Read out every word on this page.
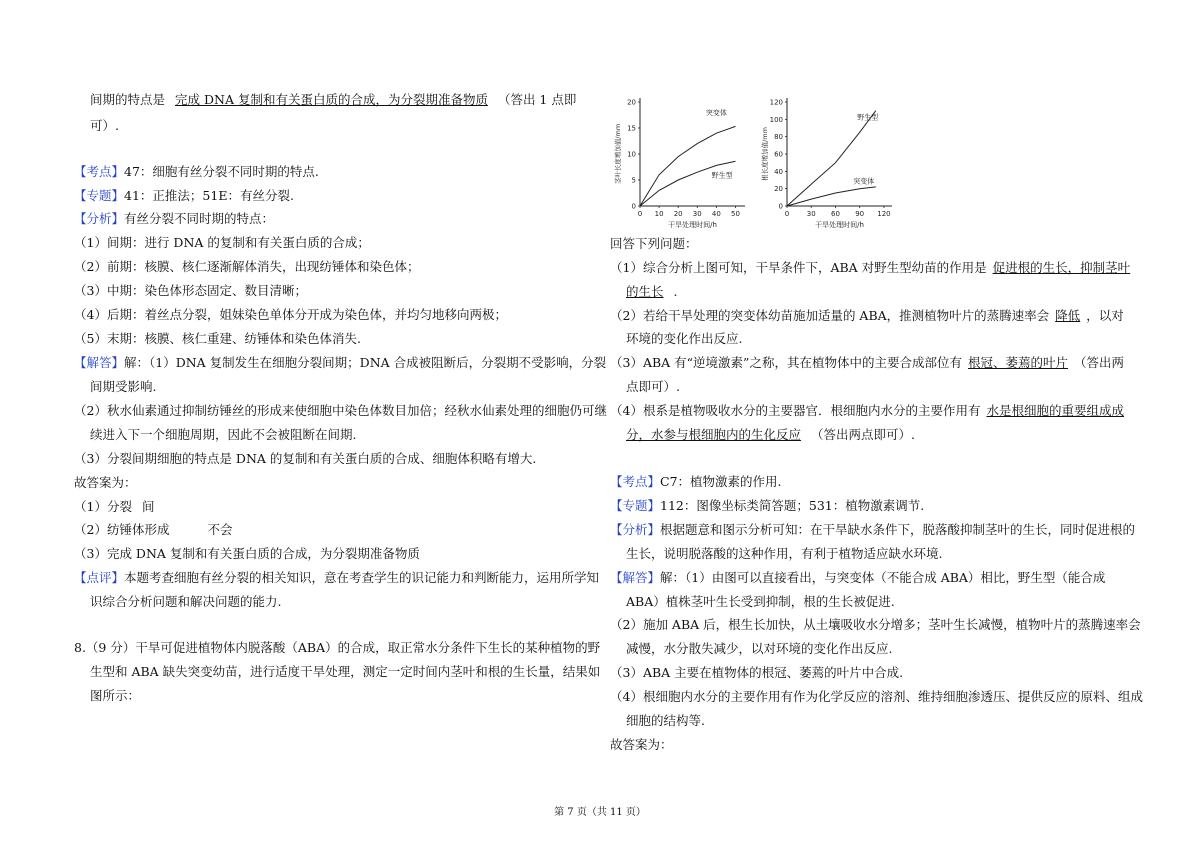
间期的特点是 完成 DNA 复制和有关蛋白质的合成，为分裂期准备物质 （答出 1 点即
可）.
【考点】47：细胞有丝分裂不同时期的特点.
【专题】41：正推法；51E：有丝分裂.
【分析】有丝分裂不同时期的特点：
（1）间期：进行 DNA 的复制和有关蛋白质的合成；
（2）前期：核膜、核仁逐渐解体消失，出现纺锤体和染色体；
（3）中期：染色体形态固定、数目清晰；
（4）后期：着丝点分裂，姐妹染色单体分开成为染色体，并均匀地移向两极；
（5）末期：核膜、核仁重建、纺锤体和染色体消失.
【解答】解：（1）DNA 复制发生在细胞分裂间期；DNA 合成被阻断后，分裂期不受影响，分裂
间期受影响.
（2）秋水仙素通过抑制纺锤丝的形成来使细胞中染色体数目加倍；经秋水仙素处理的细胞仍可继
续进入下一个细胞周期，因此不会被阻断在间期.
（3）分裂间期细胞的特点是 DNA 的复制和有关蛋白质的合成、细胞体积略有增大.
故答案为：
（1）分裂 间
（2）纺锤体形成	不会
（3）完成 DNA 复制和有关蛋白质的合成，为分裂期准备物质
【点评】本题考查细胞有丝分裂的相关知识，意在考查学生的识记能力和判断能力，运用所学知
识综合分析问题和解决问题的能力.
8.（9 分）干旱可促进植物体内脱落酸（ABA）的合成，取正常水分条件下生长的某种植物的野
生型和 ABA 缺失突变幼苗，进行适度干旱处理，测定一定时间内茎叶和根的生长量，结果如
图所示：
0 10 20 30 40 50
0
5
10
15
20
干旱处理时间/h
茎叶长度增加值/mm
突变体
野生型
0	30 60 90 120
0
20
40
60
80
100
120
干旱处理时间/h
根长度增加值/mm
野生型
突变体
回答下列问题：
（1）综合分析上图可知，干旱条件下，ABA 对野生型幼苗的作用是 促进根的生长，抑制茎叶
的生长 .
（2）若给干旱处理的突变体幼苗施加适量的 ABA，推测植物叶片的蒸腾速率会 降低 ，以对
环境的变化作出反应.
（3）ABA 有“逆境激素”之称，其在植物体中的主要合成部位有 根冠、萎蔫的叶片 （答出两
点即可）.
（4）根系是植物吸收水分的主要器官．根细胞内水分的主要作用有 水是根细胞的重要组成成
分，水参与根细胞内的生化反应 （答出两点即可）.
【考点】C7：植物激素的作用.
【专题】112：图像坐标类简答题；531：植物激素调节.
【分析】根据题意和图示分析可知：在干旱缺水条件下，脱落酸抑制茎叶的生长，同时促进根的
生长，说明脱落酸的这种作用，有利于植物适应缺水环境.
【解答】解：（1）由图可以直接看出，与突变体（不能合成 ABA）相比，野生型（能合成
ABA）植株茎叶生长受到抑制，根的生长被促进.
（2）施加 ABA 后，根生长加快，从土壤吸收水分增多；茎叶生长减慢，植物叶片的蒸腾速率会
减慢，水分散失减少，以对环境的变化作出反应.
（3）ABA 主要在植物体的根冠、萎蔫的叶片中合成.
（4）根细胞内水分的主要作用有作为化学反应的溶剂、维持细胞渗透压、提供反应的原料、组成
细胞的结构等.
故答案为：
第 7 页（共 11 页）
